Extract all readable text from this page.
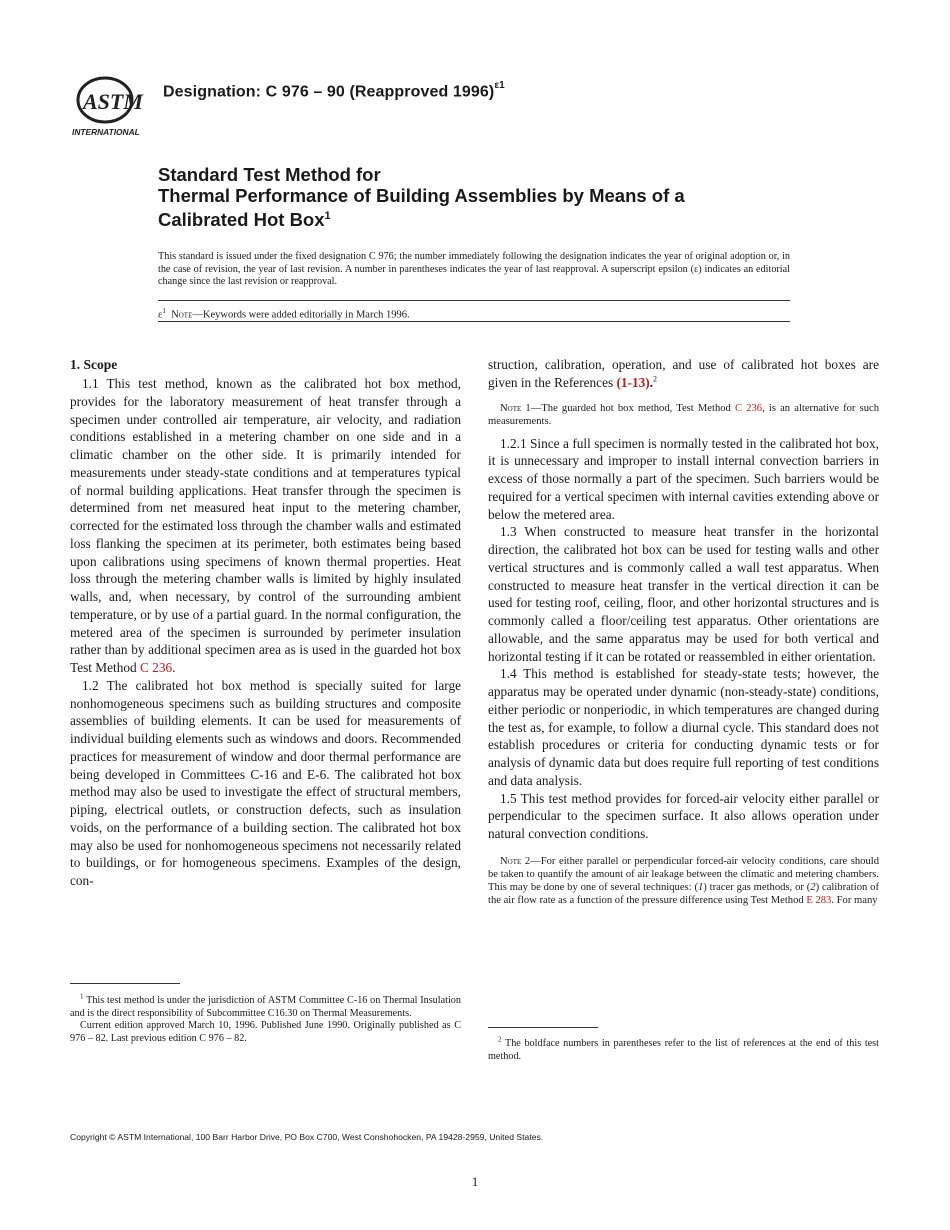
ASTM
INTERNATIONAL
Designation: C 976 – 90 (Reapproved 1996)$^{\varepsilon 1}$
Standard Test Method for
Thermal Performance of Building Assemblies by Means of a
Calibrated Hot Box$^1$
This standard is issued under the fixed designation C 976; the number immediately following the designation indicates the year of original adoption or, in the case of revision, the year of last revision. A number in parentheses indicates the year of last reapproval. A superscript epsilon (ε) indicates an editorial change since the last revision or reapproval.
$\varepsilon^1$ Note—Keywords were added editorially in March 1996.
1. Scope

1.1 This test method, known as the calibrated hot box method, provides for the laboratory measurement of heat transfer through a specimen under controlled air temperature, air velocity, and radiation conditions established in a metering chamber on one side and in a climatic chamber on the other side. It is primarily intended for measurements under steady-state conditions and at temperatures typical of normal building applications. Heat transfer through the specimen is determined from net measured heat input to the metering chamber, corrected for the estimated loss through the chamber walls and estimated loss flanking the specimen at its perimeter, both estimates being based upon calibrations using specimens of known thermal properties. Heat loss through the metering chamber walls is limited by highly insulated walls, and, when necessary, by control of the surrounding ambient temperature, or by use of a partial guard. In the normal configuration, the metered area of the specimen is surrounded by perimeter insulation rather than by additional specimen area as is used in the guarded hot box Test Method C 236.

1.2 The calibrated hot box method is specially suited for large nonhomogeneous specimens such as building structures and composite assemblies of building elements. It can be used for measurements of individual building elements such as windows and doors. Recommended practices for measurement of window and door thermal performance are being developed in Committees C-16 and E-6. The calibrated hot box method may also be used to investigate the effect of structural members, piping, electrical outlets, or construction defects, such as insulation voids, on the performance of a building section. The calibrated hot box may also be used for nonhomogeneous specimens not necessarily related to buildings, or for homogeneous specimens. Examples of the design, con-

struction, calibration, operation, and use of calibrated hot boxes are given in the References (1-13).$^2$

Note 1—The guarded hot box method, Test Method C 236, is an alternative for such measurements.

1.2.1 Since a full specimen is normally tested in the calibrated hot box, it is unnecessary and improper to install internal convection barriers in excess of those normally a part of the specimen. Such barriers would be required for a vertical specimen with internal cavities extending above or below the metered area.

1.3 When constructed to measure heat transfer in the horizontal direction, the calibrated hot box can be used for testing walls and other vertical structures and is commonly called a wall test apparatus. When constructed to measure heat transfer in the vertical direction it can be used for testing roof, ceiling, floor, and other horizontal structures and is commonly called a floor/ceiling test apparatus. Other orientations are allowable, and the same apparatus may be used for both vertical and horizontal testing if it can be rotated or reassembled in either orientation.

1.4 This method is established for steady-state tests; however, the apparatus may be operated under dynamic (non-steady-state) conditions, either periodic or nonperiodic, in which temperatures are changed during the test as, for example, to follow a diurnal cycle. This standard does not establish procedures or criteria for conducting dynamic tests or for analysis of dynamic data but does require full reporting of test conditions and data analysis.

1.5 This test method provides for forced-air velocity either parallel or perpendicular to the specimen surface. It also allows operation under natural convection conditions.

Note 2—For either parallel or perpendicular forced-air velocity conditions, care should be taken to quantify the amount of air leakage between the climatic and metering chambers. This may be done by one of several techniques: (1) tracer gas methods, or (2) calibration of the air flow rate as a function of the pressure difference using Test Method E 283. For many

$^1$ This test method is under the jurisdiction of ASTM Committee C-16 on Thermal Insulation and is the direct responsibility of Subcommittee C16.30 on Thermal Measurements.

Current edition approved March 10, 1996. Published June 1990. Originally published as C 976 – 82. Last previous edition C 976 – 82.	$^2$ The boldface numbers in parentheses refer to the list of references at the end of this test method.

Copyright © ASTM International, 100 Barr Harbor Drive, PO Box C700, West Conshohocken, PA 19428-2959, United States.
1
